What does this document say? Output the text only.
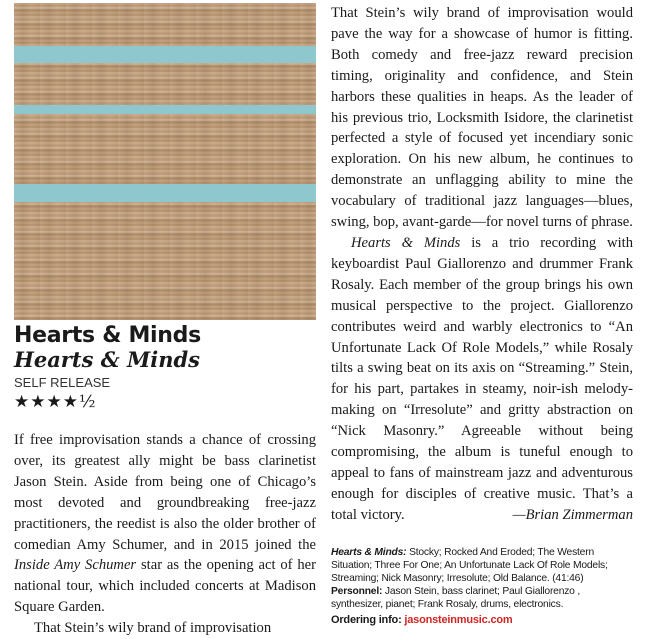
Hearts & Minds
Hearts & Minds
SELF RELEASE
★★★★½

If free improvisation stands a chance of crossing over, its greatest ally might be bass clarinetist Jason Stein. Aside from being one of Chicago’s most devoted and groundbreaking free-jazz practitioners, the reedist is also the older brother of comedian Amy Schumer, and in 2015 joined the Inside Amy Schumer star as the opening act of her national tour, which included concerts at Madison Square Garden.

That Stein’s wily brand of improvisation

That Stein’s wily brand of improvisation would pave the way for a showcase of humor is fitting. Both comedy and free-jazz reward precision timing, originality and confidence, and Stein harbors these qualities in heaps. As the leader of his previous trio, Locksmith Isidore, the clarinetist perfected a style of focused yet incendiary sonic exploration. On his new album, he continues to demonstrate an unflagging ability to mine the vocabulary of traditional jazz languages—blues, swing, bop, avant-garde—for novel turns of phrase.

Hearts & Minds is a trio recording with keyboardist Paul Giallorenzo and drummer Frank Rosaly. Each member of the group brings his own musical perspective to the project. Giallorenzo contributes weird and warbly electronics to “An Unfortunate Lack Of Role Models,” while Rosaly tilts a swing beat on its axis on “Streaming.” Stein, for his part, partakes in steamy, noir-ish melody-making on “Irresolute” and gritty abstraction on “Nick Masonry.” Agreeable without being compromising, the album is tuneful enough to appeal to fans of mainstream jazz and adventurous enough for disciples of creative music. That’s a total victory.	—Brian Zimmerman

Hearts & Minds: Stocky; Rocked And Eroded; The Western Situation; Three For One; An Unfortunate Lack Of Role Models; Streaming; Nick Masonry; Irresolute; Old Balance. (41:46)

Personnel: Jason Stein, bass clarinet; Paul Giallorenzo , synthesizer, pianet; Frank Rosaly, drums, electronics.

Ordering info: jasonsteinmusic.com
